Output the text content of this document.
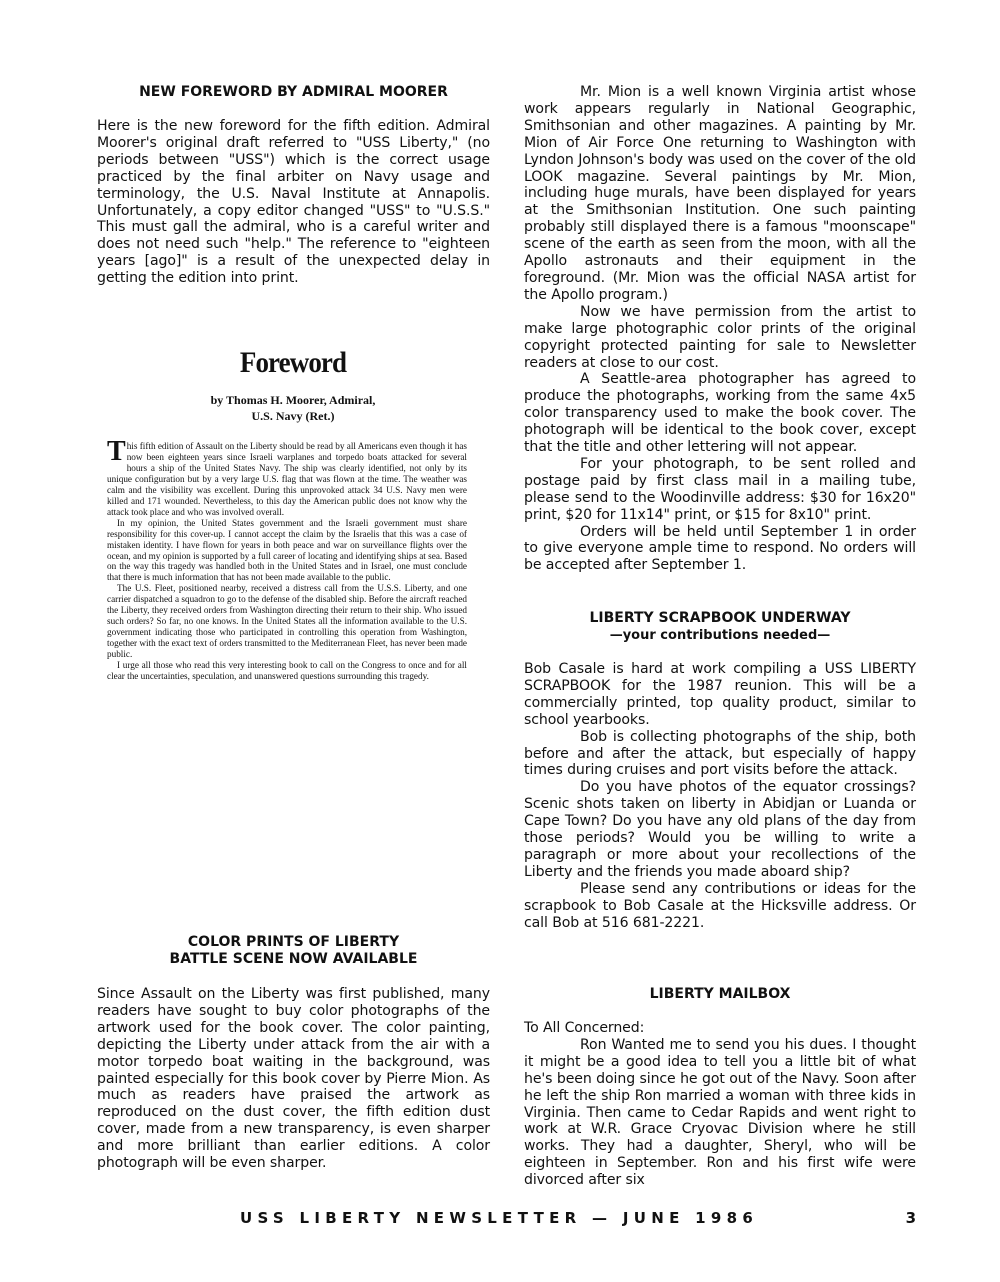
NEW FOREWORD BY ADMIRAL MOORER

Here is the new foreword for the fifth edition. Admiral Moorer's original draft referred to "USS Liberty," (no periods between "USS") which is the correct usage practiced by the final arbiter on Navy usage and terminology, the U.S. Naval Institute at Annapolis. Unfortunately, a copy editor changed "USS" to "U.S.S." This must gall the admiral, who is a careful writer and does not need such "help." The reference to "eighteen years [ago]" is a result of the unexpected delay in getting the edition into print.

Foreword
by Thomas H. Moorer, Admiral,
U.S. Navy (Ret.)

This fifth edition of Assault on the Liberty should be read by all Americans even though it has now been eighteen years since Israeli warplanes and torpedo boats attacked for several hours a ship of the United States Navy. The ship was clearly identified, not only by its unique configuration but by a very large U.S. flag that was flown at the time. The weather was calm and the visibility was excellent. During this unprovoked attack 34 U.S. Navy men were killed and 171 wounded. Nevertheless, to this day the American public does not know why the attack took place and who was involved overall.

In my opinion, the United States government and the Israeli government must share responsibility for this cover-up. I cannot accept the claim by the Israelis that this was a case of mistaken identity. I have flown for years in both peace and war on surveillance flights over the ocean, and my opinion is supported by a full career of locating and identifying ships at sea. Based on the way this tragedy was handled both in the United States and in Israel, one must conclude that there is much information that has not been made available to the public.

The U.S. Fleet, positioned nearby, received a distress call from the U.S.S. Liberty, and one carrier dispatched a squadron to go to the defense of the disabled ship. Before the aircraft reached the Liberty, they received orders from Washington directing their return to their ship. Who issued such orders? So far, no one knows. In the United States all the information available to the U.S. government indicating those who participated in controlling this operation from Washington, together with the exact text of orders transmitted to the Mediterranean Fleet, has never been made public.

I urge all those who read this very interesting book to call on the Congress to once and for all clear the uncertainties, speculation, and unanswered questions surrounding this tragedy.

COLOR PRINTS OF LIBERTY
BATTLE SCENE NOW AVAILABLE

Since Assault on the Liberty was first published, many readers have sought to buy color photographs of the artwork used for the book cover. The color painting, depicting the Liberty under attack from the air with a motor torpedo boat waiting in the background, was painted especially for this book cover by Pierre Mion. As much as readers have praised the artwork as reproduced on the dust cover, the fifth edition dust cover, made from a new transparency, is even sharper and more brilliant than earlier editions. A color photograph will be even sharper.

Mr. Mion is a well known Virginia artist whose work appears regularly in National Geographic, Smithsonian and other magazines. A painting by Mr. Mion of Air Force One returning to Washington with Lyndon Johnson's body was used on the cover of the old LOOK magazine. Several paintings by Mr. Mion, including huge murals, have been displayed for years at the Smithsonian Institution. One such painting probably still displayed there is a famous "moonscape" scene of the earth as seen from the moon, with all the Apollo astronauts and their equipment in the foreground. (Mr. Mion was the official NASA artist for the Apollo program.)

Now we have permission from the artist to make large photographic color prints of the original copyright protected painting for sale to Newsletter readers at close to our cost.

A Seattle-area photographer has agreed to produce the photographs, working from the same 4x5 color transparency used to make the book cover. The photograph will be identical to the book cover, except that the title and other lettering will not appear.

For your photograph, to be sent rolled and postage paid by first class mail in a mailing tube, please send to the Woodinville address: $30 for 16x20" print, $20 for 11x14" print, or $15 for 8x10" print.

Orders will be held until September 1 in order to give everyone ample time to respond. No orders will be accepted after September 1.

LIBERTY SCRAPBOOK UNDERWAY
—your contributions needed—

Bob Casale is hard at work compiling a USS LIBERTY SCRAPBOOK for the 1987 reunion. This will be a commercially printed, top quality product, similar to school yearbooks.

Bob is collecting photographs of the ship, both before and after the attack, but especially of happy times during cruises and port visits before the attack.

Do you have photos of the equator crossings? Scenic shots taken on liberty in Abidjan or Luanda or Cape Town? Do you have any old plans of the day from those periods? Would you be willing to write a paragraph or more about your recollections of the Liberty and the friends you made aboard ship?

Please send any contributions or ideas for the scrapbook to Bob Casale at the Hicksville address. Or call Bob at 516 681-2221.

LIBERTY MAILBOX

To All Concerned:

Ron Wanted me to send you his dues. I thought it might be a good idea to tell you a little bit of what he's been doing since he got out of the Navy. Soon after he left the ship Ron married a woman with three kids in Virginia. Then came to Cedar Rapids and went right to work at W.R. Grace Cryovac Division where he still works. They had a daughter, Sheryl, who will be eighteen in September. Ron and his first wife were divorced after six

USS LIBERTY NEWSLETTER — JUNE 1986	3
